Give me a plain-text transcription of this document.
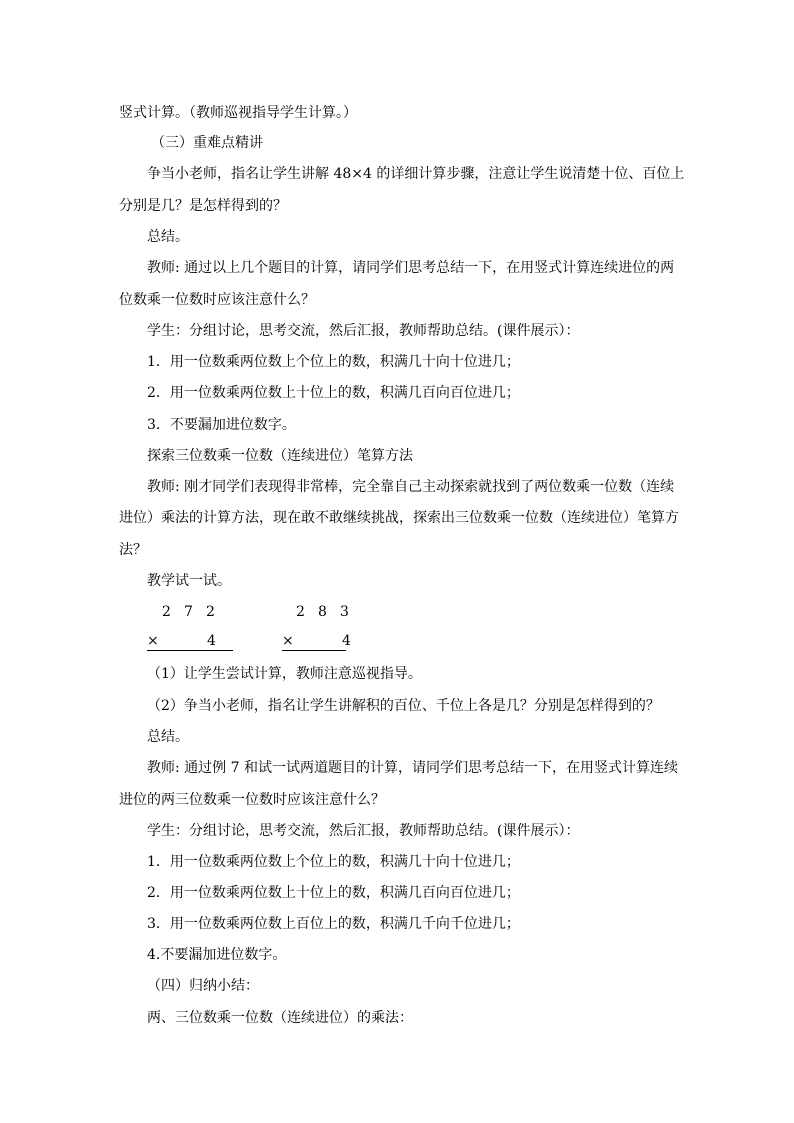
竖式计算。（教师巡视指导学生计算。）
（三）重难点精讲
争当小老师，指名让学生讲解 48×4 的详细计算步骤，注意让学生说清楚十位、百位上
分别是几？是怎样得到的？
总结。
教师: 通过以上几个题目的计算，请同学们思考总结一下，在用竖式计算连续进位的两
位数乘一位数时应该注意什么？
学生：分组讨论，思考交流，然后汇报，教师帮助总结。(课件展示）：
1．用一位数乘两位数上个位上的数，积满几十向十位进几；
2．用一位数乘两位数上十位上的数，积满几百向百位进几；
3．不要漏加进位数字。
探索三位数乘一位数（连续进位）笔算方法
教师: 刚才同学们表现得非常棒，完全靠自己主动探索就找到了两位数乘一位数（连续
进位）乘法的计算方法，现在敢不敢继续挑战，探索出三位数乘一位数（连续进位）笔算方
法？
教学试一试。
2 7 2
×	4
2 8 3
×	4
（1）让学生尝试计算，教师注意巡视指导。
（2）争当小老师，指名让学生讲解积的百位、千位上各是几？分别是怎样得到的？
总结。
教师: 通过例 7 和试一试两道题目的计算，请同学们思考总结一下，在用竖式计算连续
进位的两三位数乘一位数时应该注意什么？
学生：分组讨论，思考交流，然后汇报，教师帮助总结。(课件展示）：
1．用一位数乘两位数上个位上的数，积满几十向十位进几；
2．用一位数乘两位数上十位上的数，积满几百向百位进几；
3．用一位数乘两位数上百位上的数，积满几千向千位进几；
4.不要漏加进位数字。
（四）归纳小结：
两、三位数乘一位数（连续进位）的乘法：
